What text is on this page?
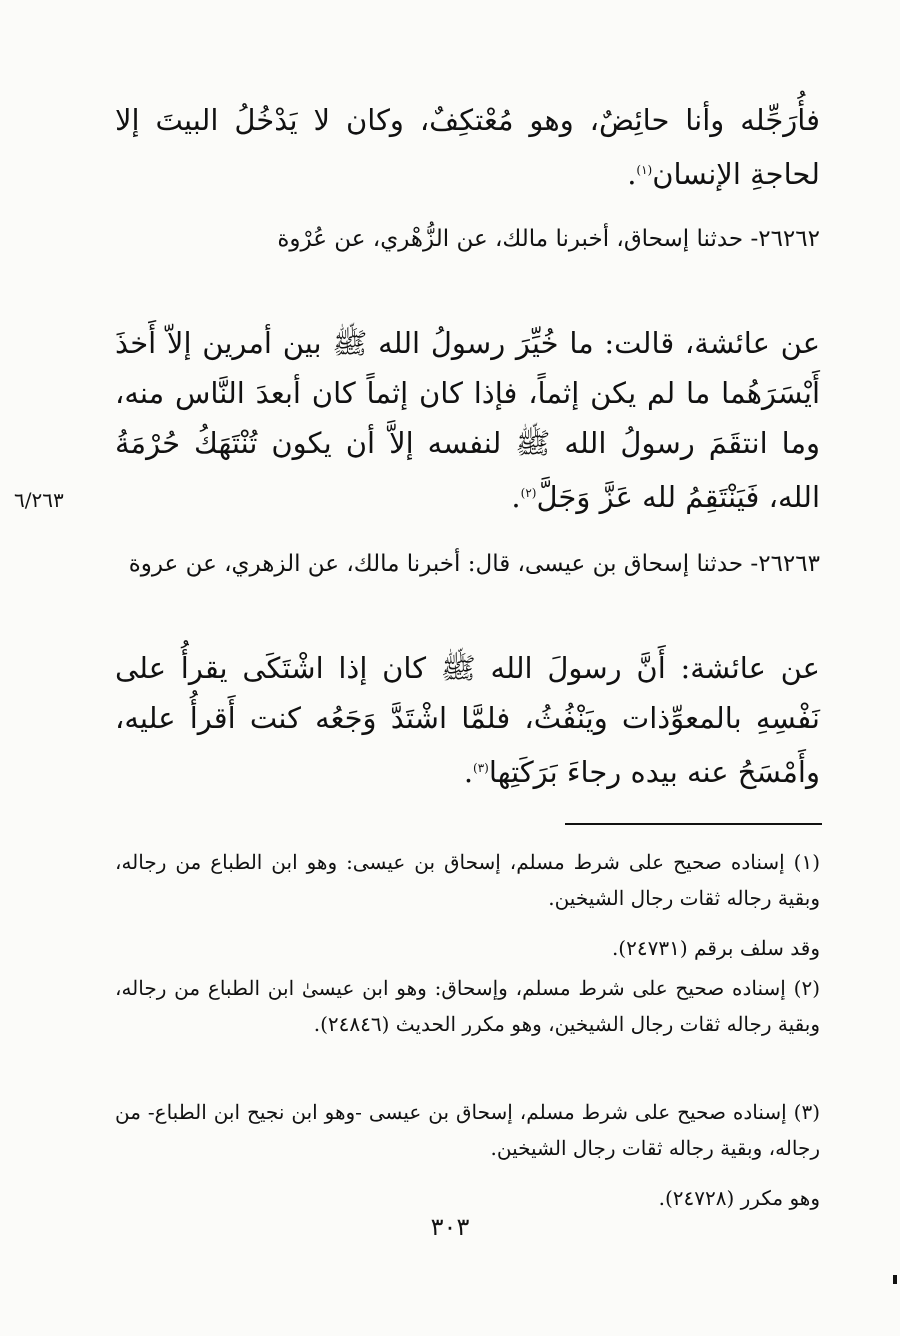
٦/٢٦٣
فأُرَجِّله وأنا حائِضٌ، وهو مُعْتكِفٌ، وكان لا يَدْخُلُ البيتَ إلا لحاجةِ الإنسان$^{(١)}$.
٢٦٢٦٢- حدثنا إسحاق، أخبرنا مالك، عن الزُّهْري، عن عُرْوة
عن عائشة، قالت: ما خُيِّرَ رسولُ الله ﷺ بين أمرين إلاّ أَخذَ أَيْسَرَهُما ما لم يكن إثماً، فإذا كان إثماً كان أبعدَ النَّاس منه، وما انتقَمَ رسولُ الله ﷺ لنفسه إلاَّ أن يكون تُنْتَهَكُ حُرْمَةُ الله، فَيَنْتَقِمُ لله عَزَّ وَجَلَّ$^{(٢)}$.
٢٦٢٦٣- حدثنا إسحاق بن عيسى، قال: أخبرنا مالك، عن الزهري، عن عروة
عن عائشة: أَنَّ رسولَ الله ﷺ كان إذا اشْتَكَى يقرأُ على نَفْسِهِ بالمعوِّذات ويَنْفُثُ، فلمَّا اشْتَدَّ وَجَعُه كنت أَقرأُ عليه، وأَمْسَحُ عنه بيده رجاءَ بَرَكَتِها$^{(٣)}$.
(١) إسناده صحيح على شرط مسلم، إسحاق بن عيسى: وهو ابن الطباع من رجاله، وبقية رجاله ثقات رجال الشيخين.
وقد سلف برقم (٢٤٧٣١).
(٢) إسناده صحيح على شرط مسلم، وإسحاق: وهو ابن عيسىٰ ابن الطباع من رجاله، وبقية رجاله ثقات رجال الشيخين، وهو مكرر الحديث (٢٤٨٤٦).
(٣) إسناده صحيح على شرط مسلم، إسحاق بن عيسى -وهو ابن نجيح ابن الطباع- من رجاله، وبقية رجاله ثقات رجال الشيخين.
وهو مكرر (٢٤٧٢٨).
٣٠٣
